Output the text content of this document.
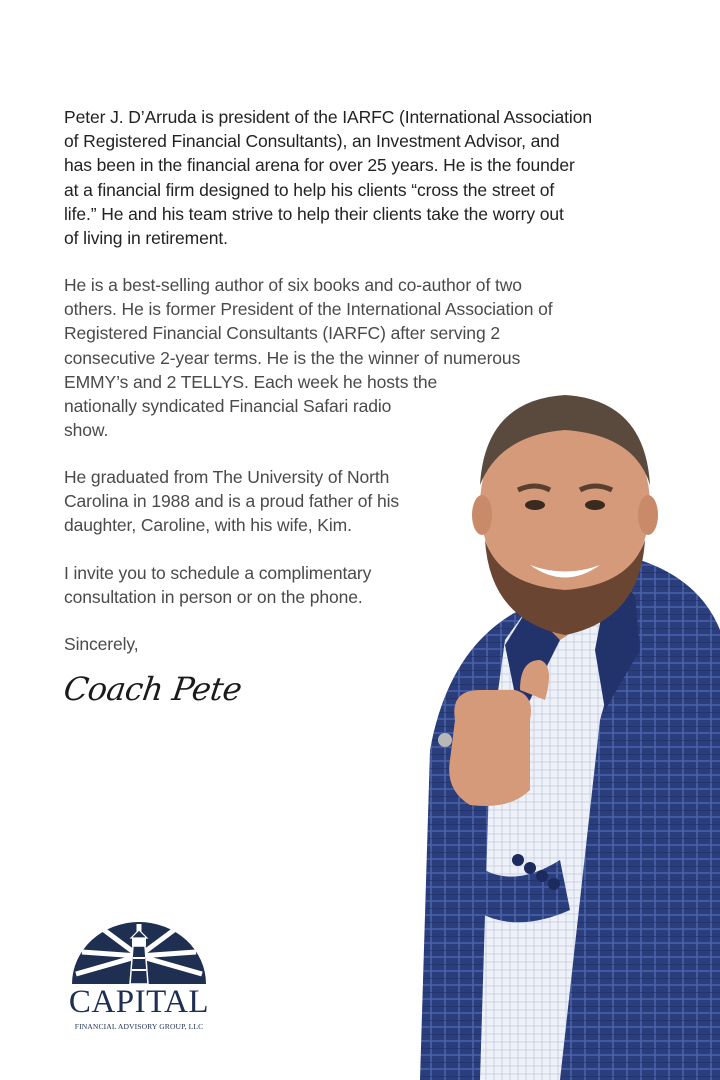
Peter J. D’Arruda is president of the IARFC (International Association
of Registered Financial Consultants), an Investment Advisor, and
has been in the financial arena for over 25 years. He is the founder
at a financial firm designed to help his clients “cross the street of
life.” He and his team strive to help their clients take the worry out
of living in retirement.

He is a best-selling author of six books and co-author of two
others. He is former President of the International Association of
Registered Financial Consultants (IARFC) after serving 2
consecutive 2-year terms. He is the the winner of numerous
EMMY’s and 2 TELLYS. Each week he hosts the
nationally syndicated Financial Safari radio
show.

He graduated from The University of North
Carolina in 1988 and is a proud father of his
daughter, Caroline, with his wife, Kim.

I invite you to schedule a complimentary
consultation in person or on the phone.

Sincerely,

Coach Pete
CAPITAL
FINANCIAL ADVISORY GROUP, LLC
